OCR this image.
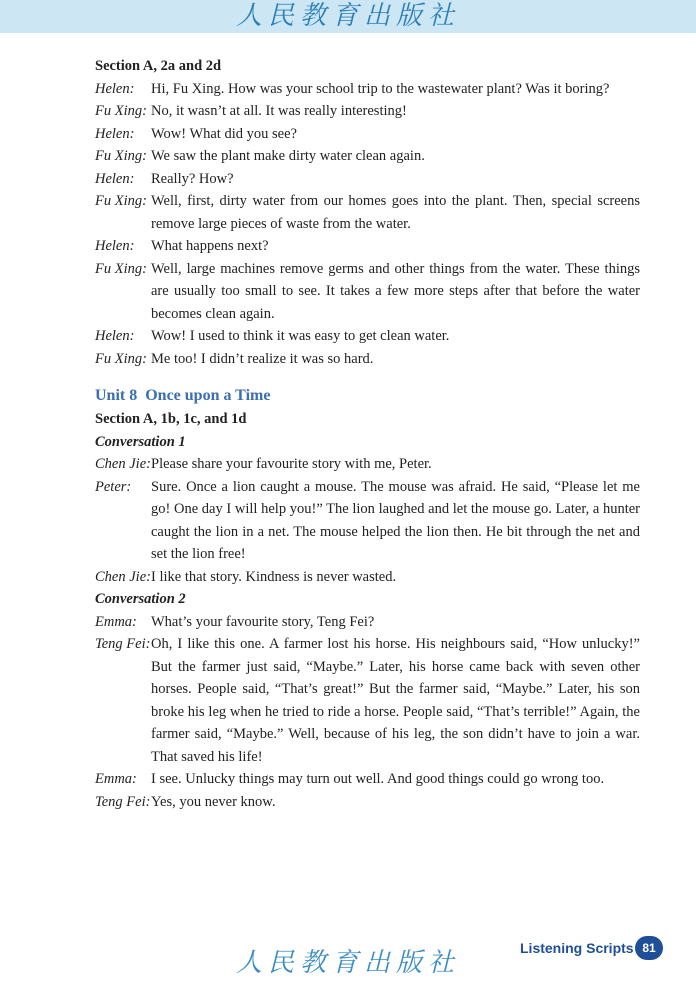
人民教育出版社
Section A, 2a and 2d
Helen:	Hi, Fu Xing. How was your school trip to the wastewater plant? Was it boring?
Fu Xing: No, it wasn’t at all. It was really interesting!
Helen:	Wow! What did you see?
Fu Xing: We saw the plant make dirty water clean again.
Helen:	Really? How?
Fu Xing: Well, first, dirty water from our homes goes into the plant. Then, special screens remove large pieces of waste from the water.
Helen:	What happens next?
Fu Xing: Well, large machines remove germs and other things from the water. These things are usually too small to see. It takes a few more steps after that before the water becomes clean again.
Helen:	Wow! I used to think it was easy to get clean water.
Fu Xing: Me too! I didn’t realize it was so hard.
Unit 8  Once upon a Time
Section A, 1b, 1c, and 1d
Conversation 1
Chen Jie: Please share your favourite story with me, Peter.
Peter:	Sure. Once a lion caught a mouse. The mouse was afraid. He said, “Please let me go! One day I will help you!” The lion laughed and let the mouse go. Later, a hunter caught the lion in a net. The mouse helped the lion then. He bit through the net and set the lion free!
Chen Jie: I like that story. Kindness is never wasted.
Conversation 2
Emma: What’s your favourite story, Teng Fei?
Teng Fei: Oh, I like this one. A farmer lost his horse. His neighbours said, “How unlucky!” But the farmer just said, “Maybe.” Later, his horse came back with seven other horses. People said, “That’s great!” But the farmer said, “Maybe.” Later, his son broke his leg when he tried to ride a horse. People said, “That’s terrible!” Again, the farmer said, “Maybe.” Well, because of his leg, the son didn’t have to join a war. That saved his life!
Emma: I see. Unlucky things may turn out well. And good things could go wrong too.
Teng Fei: Yes, you never know.
人民教育出版社	Listening Scripts 81
